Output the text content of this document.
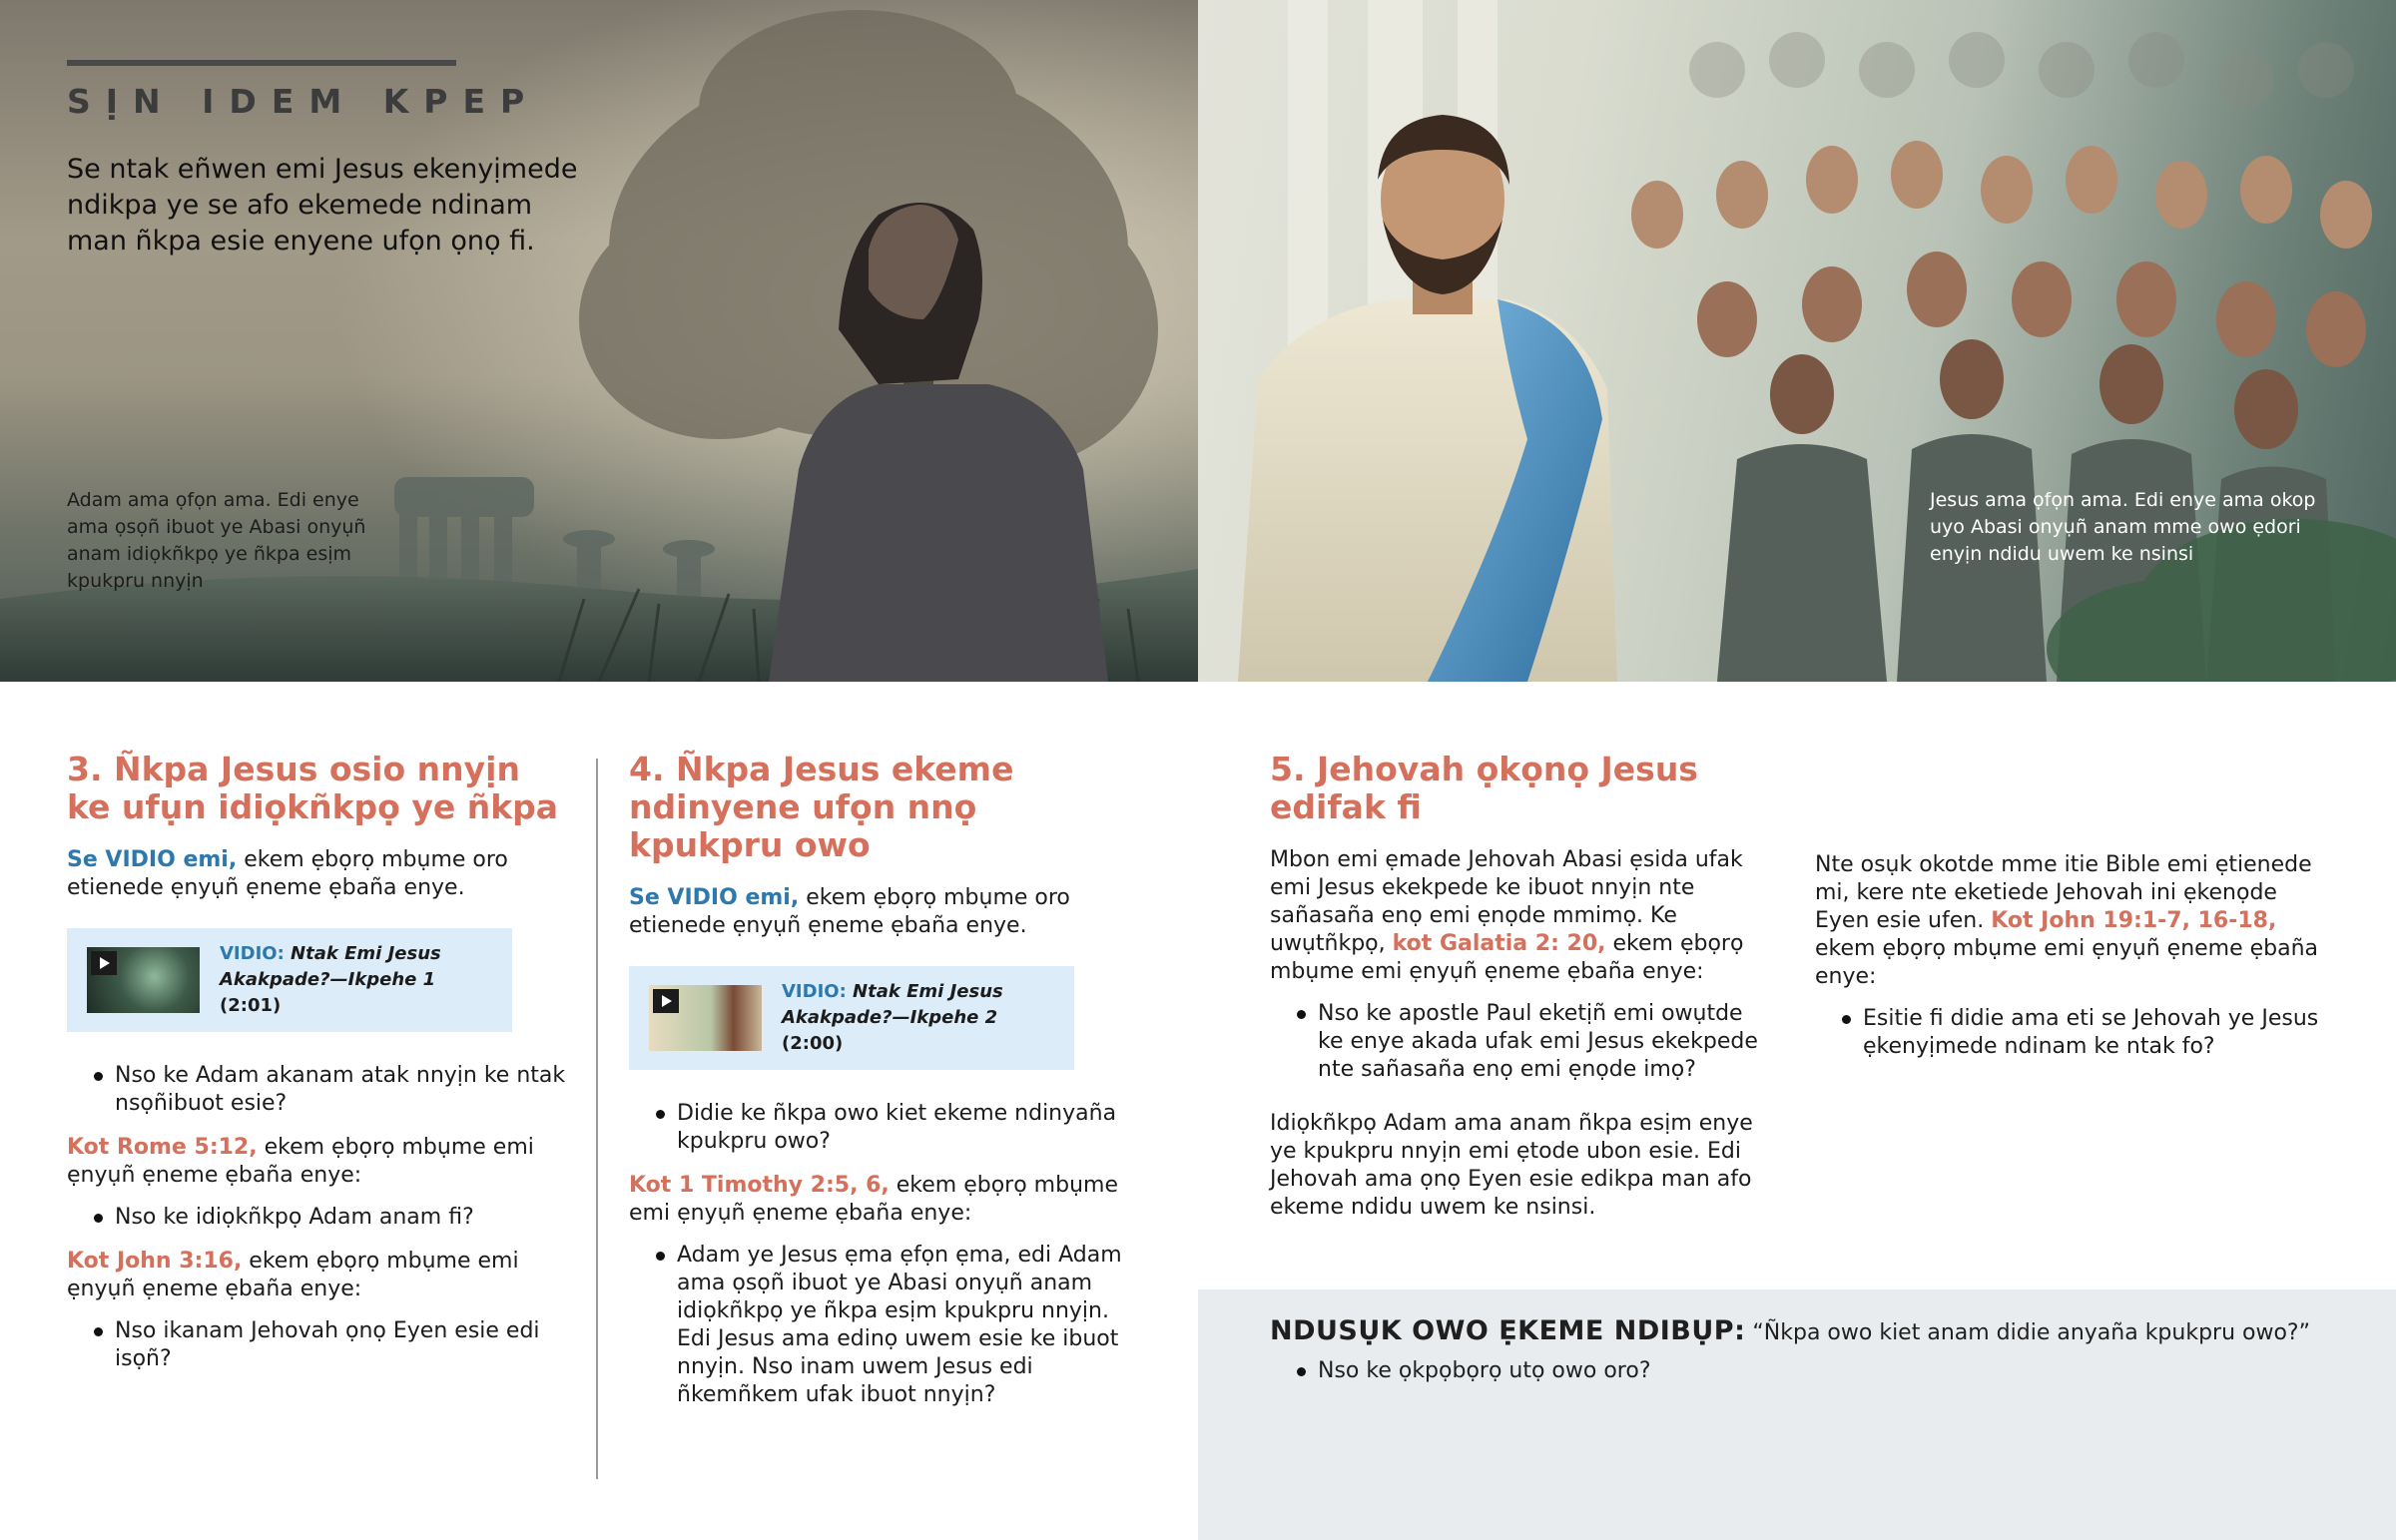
SỊN IDEM KPEP
Se ntak eñwen emi Jesus ekenyịmede ndikpa ye se afo ekemede ndinam man ñkpa esie enyene ufọn ọnọ fi.
Adam ama ọfọn ama. Edi enye ama ọsọñ ibuot ye Abasi onyụñ anam idiọkñkpọ ye ñkpa esịm kpukpru nnyịn
Jesus ama ọfọn ama. Edi enye ama okop uyo Abasi onyụñ anam mme owo ẹdori enyịn ndidu uwem ke nsinsi
3. Ñkpa Jesus osio nnyịn ke ufụn idiọkñkpọ ye ñkpa

Se VIDIO emi, ekem ẹbọrọ mbụme oro etienede ẹnyụñ ẹneme ẹbaña enye.

VIDIO: Ntak Emi Jesus Akakpade?—Ikpehe 1 (2:01)
Nso ke Adam akanam atak nnyịn ke ntak nsọñibuot esie?

Kot Rome 5:12, ekem ẹbọrọ mbụme emi ẹnyụñ ẹneme ẹbaña enye:

Nso ke idiọkñkpọ Adam anam fi?

Kot John 3:16, ekem ẹbọrọ mbụme emi ẹnyụñ ẹneme ẹbaña enye:

Nso ikanam Jehovah ọnọ Eyen esie edi isọñ?
4. Ñkpa Jesus ekeme ndinyene ufọn nnọ kpukpru owo

Se VIDIO emi, ekem ẹbọrọ mbụme oro etienede ẹnyụñ ẹneme ẹbaña enye.

VIDIO: Ntak Emi Jesus Akakpade?—Ikpehe 2 (2:00)
Didie ke ñkpa owo kiet ekeme ndinyaña kpukpru owo?

Kot 1 Timothy 2:5, 6, ekem ẹbọrọ mbụme emi ẹnyụñ ẹneme ẹbaña enye:

Adam ye Jesus ẹma ẹfọn ẹma, edi Adam ama ọsọñ ibuot ye Abasi onyụñ anam idiọkñkpọ ye ñkpa esịm kpukpru nnyịn. Edi Jesus ama edinọ uwem esie ke ibuot nnyịn. Nso inam uwem Jesus edi ñkemñkem ufak ibuot nnyịn?
5. Jehovah ọkọnọ Jesus edifak fi

Mbon emi ẹmade Jehovah Abasi ẹsida ufak emi Jesus ekekpede ke ibuot nnyịn nte sañasaña enọ emi ẹnọde mmimọ. Ke uwụtñkpọ, kot Galatia 2: 20, ekem ẹbọrọ mbụme emi ẹnyụñ ẹneme ẹbaña enye:

Nso ke apostle Paul eketịñ emi owụtde ke enye akada ufak emi Jesus ekekpede nte sañasaña enọ emi ẹnọde imọ?

Idiọkñkpọ Adam ama anam ñkpa esịm enye ye kpukpru nnyịn emi ẹtode ubon esie. Edi Jehovah ama ọnọ Eyen esie edikpa man afo ekeme ndidu uwem ke nsinsi.

Nte osụk okotde mme itie Bible emi ẹtienede mi, kere nte eketiede Jehovah ini ẹkenọde Eyen esie ufen. Kot John 19:1-7, 16-18, ekem ẹbọrọ mbụme emi ẹnyụñ ẹneme ẹbaña enye:

Esitie fi didie ama eti se Jehovah ye Jesus ẹkenyịmede ndinam ke ntak fo?
NDUSỤK OWO ẸKEME NDIBỤP: “Ñkpa owo kiet anam didie anyaña kpukpru owo?”
Nso ke ọkpọbọrọ utọ owo oro?
